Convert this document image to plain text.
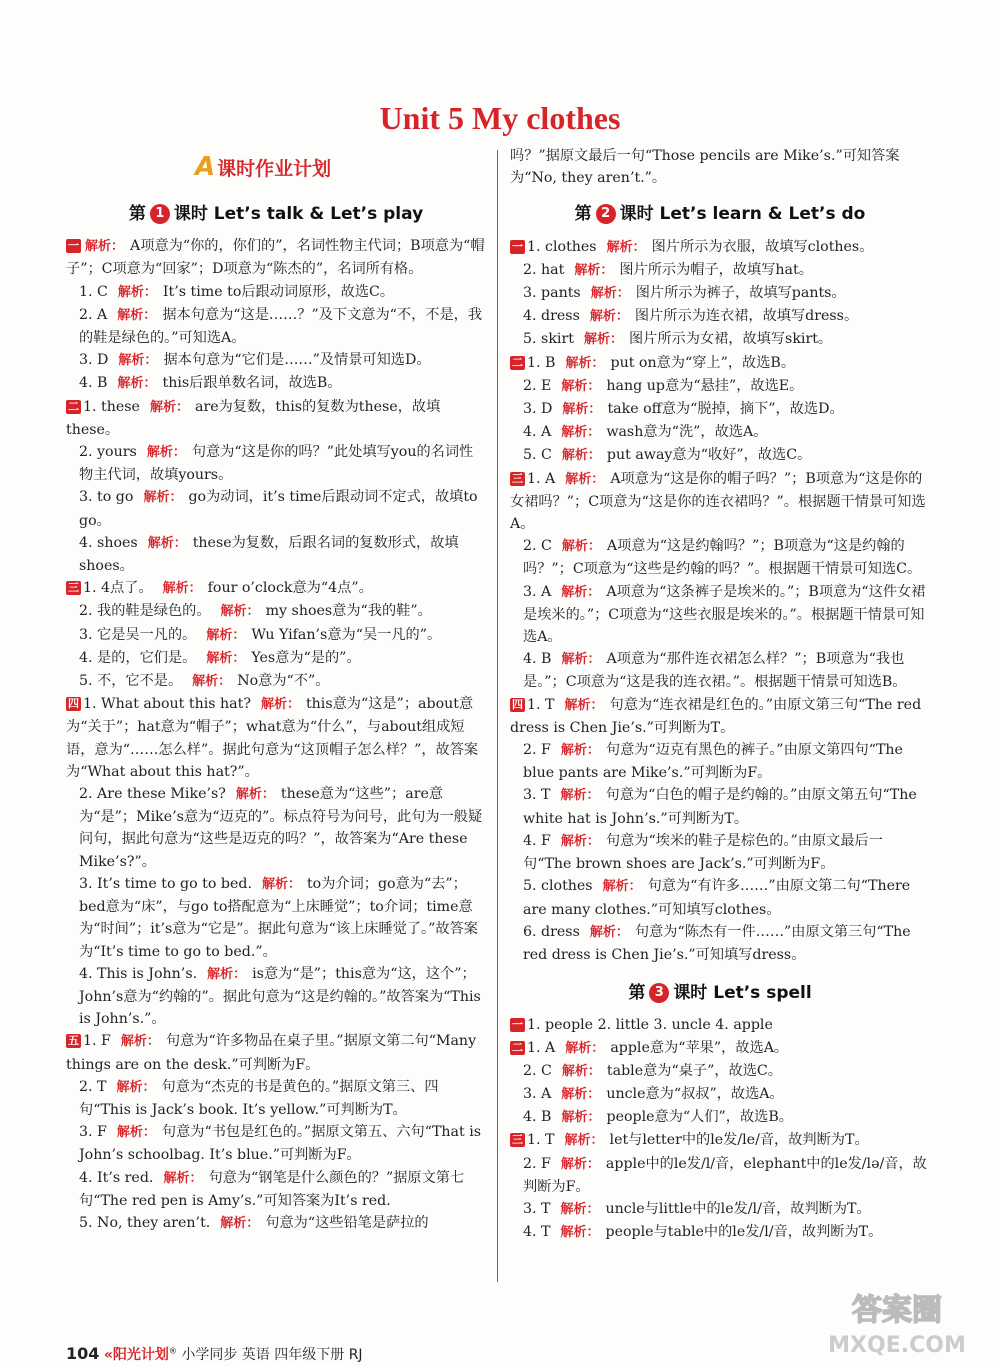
Unit 5 My clothes
A 课时作业计划
第 1 课时 Let’s talk & Let’s play

一 解析： A项意为“你的，你们的”，名词性物主代词；B项意为“帽子”；C项意为“回家”；D项意为“陈杰的”，名词所有格。

1. C 解析： It’s time to后跟动词原形，故选C。

2. A 解析： 据本句意为“这是……？”及下文意为“不，不是，我的鞋是绿色的。”可知选A。

3. D 解析： 据本句意为“它们是……”及情景可知选D。

4. B 解析： this后跟单数名词，故选B。

二 1. these 解析： are为复数，this的复数为these，故填these。

2. yours 解析： 句意为“这是你的吗？”此处填写you的名词性物主代词，故填yours。

3. to go 解析： go为动词，it’s time后跟动词不定式，故填to go。

4. shoes 解析： these为复数，后跟名词的复数形式，故填shoes。

三 1. 4点了。 解析： four o’clock意为“4点”。

2. 我的鞋是绿色的。 解析： my shoes意为“我的鞋”。

3. 它是吴一凡的。 解析： Wu Yifan’s意为“吴一凡的”。

4. 是的，它们是。 解析： Yes意为“是的”。

5. 不，它不是。 解析： No意为“不”。

四 1. What about this hat? 解析： this意为“这是”；about意为“关于”；hat意为“帽子”；what意为“什么”，与about组成短语，意为“……怎么样”。据此句意为“这顶帽子怎么样？”，故答案为“What about this hat?”。

2. Are these Mike’s? 解析： these意为“这些”；are意为“是”；Mike’s意为“迈克的”。标点符号为问号，此句为一般疑问句，据此句意为“这些是迈克的吗？”，故答案为“Are these Mike’s?”。

3. It’s time to go to bed. 解析： to为介词；go意为“去”；bed意为“床”，与go to搭配意为“上床睡觉”；to介词；time意为“时间”；it’s意为“它是”。据此句意为“该上床睡觉了。”故答案为“It’s time to go to bed.”。

4. This is John’s. 解析： is意为“是”；this意为“这，这个”；John’s意为“约翰的”。据此句意为“这是约翰的。”故答案为“This is John’s.”。

五 1. F 解析： 句意为“许多物品在桌子里。”据原文第二句“Many things are on the desk.”可判断为F。

2. T 解析： 句意为“杰克的书是黄色的。”据原文第三、四句“This is Jack’s book. It’s yellow.”可判断为T。

3. F 解析： 句意为“书包是红色的。”据原文第五、六句“That is John’s schoolbag. It’s blue.”可判断为F。

4. It’s red. 解析： 句意为“钢笔是什么颜色的？”据原文第七句“The red pen is Amy’s.”可知答案为It’s red.

5. No, they aren’t. 解析： 句意为“这些铅笔是萨拉的

吗？”据原文最后一句“Those pencils are Mike’s.”可知答案为“No, they aren’t.”。

第 2 课时 Let’s learn & Let’s do

一 1. clothes 解析： 图片所示为衣服，故填写clothes。

2. hat 解析： 图片所示为帽子，故填写hat。

3. pants 解析： 图片所示为裤子，故填写pants。

4. dress 解析： 图片所示为连衣裙，故填写dress。

5. skirt 解析： 图片所示为女裙，故填写skirt。

二 1. B 解析： put on意为“穿上”，故选B。

2. E 解析： hang up意为“悬挂”，故选E。

3. D 解析： take off意为“脱掉，摘下”，故选D。

4. A 解析： wash意为“洗”，故选A。

5. C 解析： put away意为“收好”，故选C。

三 1. A 解析： A项意为“这是你的帽子吗？”；B项意为“这是你的女裙吗？”；C项意为“这是你的连衣裙吗？”。根据题干情景可知选A。

2. C 解析： A项意为“这是约翰吗？”；B项意为“这是约翰的吗？”；C项意为“这些是约翰的吗？”。根据题干情景可知选C。

3. A 解析： A项意为“这条裤子是埃米的。”；B项意为“这件女裙是埃米的。”；C项意为“这些衣服是埃米的。”。根据题干情景可知选A。

4. B 解析： A项意为“那件连衣裙怎么样？”；B项意为“我也是。”；C项意为“这是我的连衣裙。”。根据题干情景可知选B。

四 1. T 解析： 句意为“连衣裙是红色的。”由原文第三句“The red dress is Chen Jie’s.”可判断为T。

2. F 解析： 句意为“迈克有黑色的裤子。”由原文第四句“The blue pants are Mike’s.”可判断为F。

3. T 解析： 句意为“白色的帽子是约翰的。”由原文第五句“The white hat is John’s.”可判断为T。

4. F 解析： 句意为“埃米的鞋子是棕色的。”由原文最后一句“The brown shoes are Jack’s.”可判断为F。

5. clothes 解析： 句意为“有许多……”由原文第二句“There are many clothes.”可知填写clothes。

6. dress 解析： 句意为“陈杰有一件……”由原文第三句“The red dress is Chen Jie’s.”可知填写dress。

第 3 课时 Let’s spell

一 1. people 2. little 3. uncle 4. apple

二 1. A 解析： apple意为“苹果”，故选A。

2. C 解析： table意为“桌子”，故选C。

3. A 解析： uncle意为“叔叔”，故选A。

4. B 解析： people意为“人们”，故选B。

三 1. T 解析： let与letter中的le发/le/音，故判断为T。

2. F 解析： apple中的le发/l/音，elephant中的le发/lə/音，故判断为F。

3. T 解析： uncle与little中的le发/l/音，故判断为T。

4. T 解析： people与table中的le发/l/音，故判断为T。

104 «阳光计划® 小学同步 英语 四年级下册 RJ
答案圈
MXQE.COM
